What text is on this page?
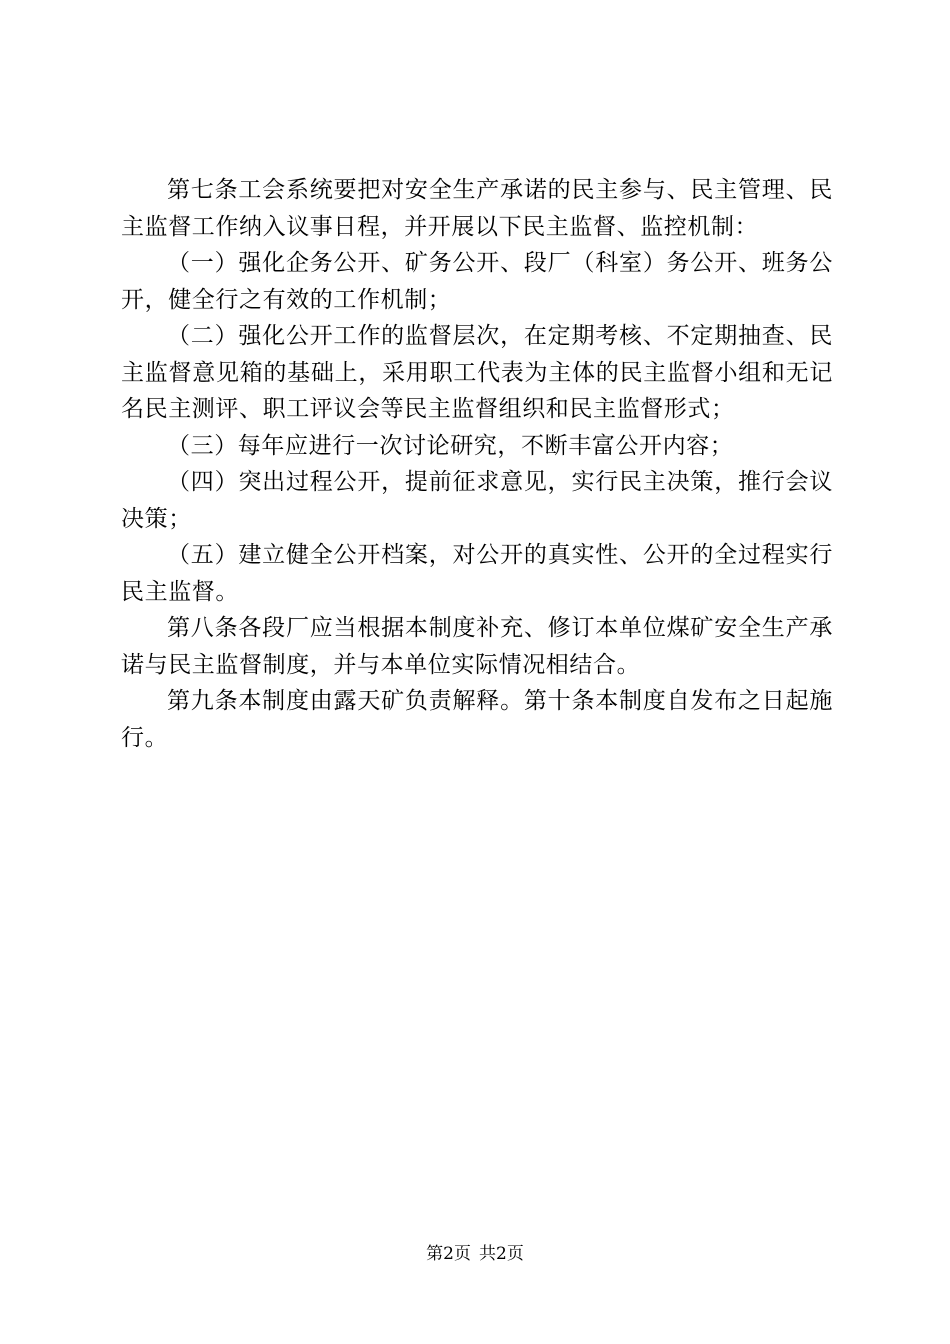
第七条工会系统要把对安全生产承诺的民主参与、民主管理、民主监督工作纳入议事日程，并开展以下民主监督、监控机制：

（一）强化企务公开、矿务公开、段厂（科室）务公开、班务公开，健全行之有效的工作机制；

（二）强化公开工作的监督层次，在定期考核、不定期抽查、民主监督意见箱的基础上，采用职工代表为主体的民主监督小组和无记名民主测评、职工评议会等民主监督组织和民主监督形式；

（三）每年应进行一次讨论研究，不断丰富公开内容；

（四）突出过程公开，提前征求意见，实行民主决策，推行会议决策；

（五）建立健全公开档案，对公开的真实性、公开的全过程实行民主监督。

第八条各段厂应当根据本制度补充、修订本单位煤矿安全生产承诺与民主监督制度，并与本单位实际情况相结合。

第九条本制度由露天矿负责解释。第十条本制度自发布之日起施行。

第2页 共2页
